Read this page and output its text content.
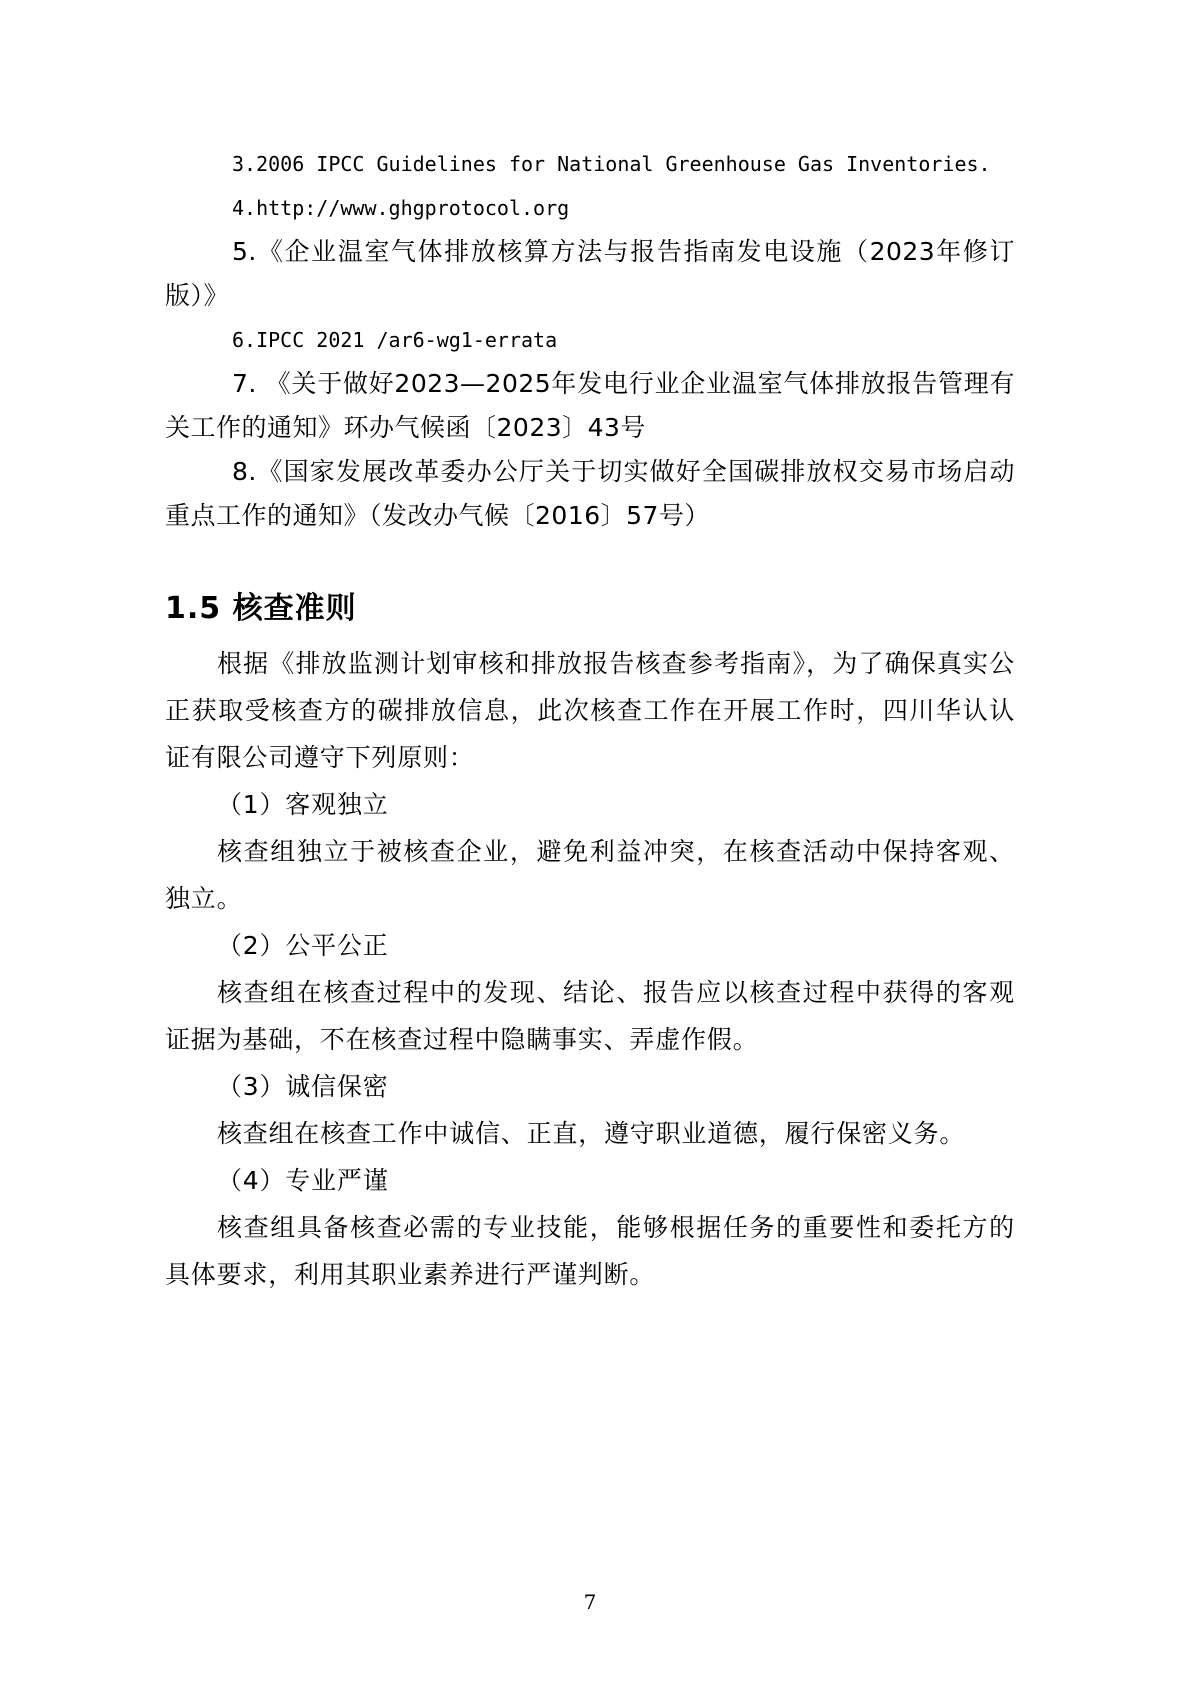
3.2006 IPCC Guidelines for National Greenhouse Gas Inventories.
4.http://www.ghgprotocol.org
5.《企业温室气体排放核算方法与报告指南发电设施（2023年修订版）》
6.IPCC 2021 /ar6-wg1-errata
7. 《关于做好2023—2025年发电行业企业温室气体排放报告管理有关工作的通知》环办气候函〔2023〕43号
8.《国家发展改革委办公厅关于切实做好全国碳排放权交易市场启动重点工作的通知》（发改办气候〔2016〕57号）
1.5 核查准则
根据《排放监测计划审核和排放报告核查参考指南》，为了确保真实公正获取受核查方的碳排放信息，此次核查工作在开展工作时，四川华认认证有限公司遵守下列原则：
（1）客观独立
核查组独立于被核查企业，避免利益冲突，在核查活动中保持客观、独立。
（2）公平公正
核查组在核查过程中的发现、结论、报告应以核查过程中获得的客观证据为基础，不在核查过程中隐瞒事实、弄虚作假。
（3）诚信保密
核查组在核查工作中诚信、正直，遵守职业道德，履行保密义务。
（4）专业严谨
核查组具备核查必需的专业技能，能够根据任务的重要性和委托方的具体要求，利用其职业素养进行严谨判断。
7
